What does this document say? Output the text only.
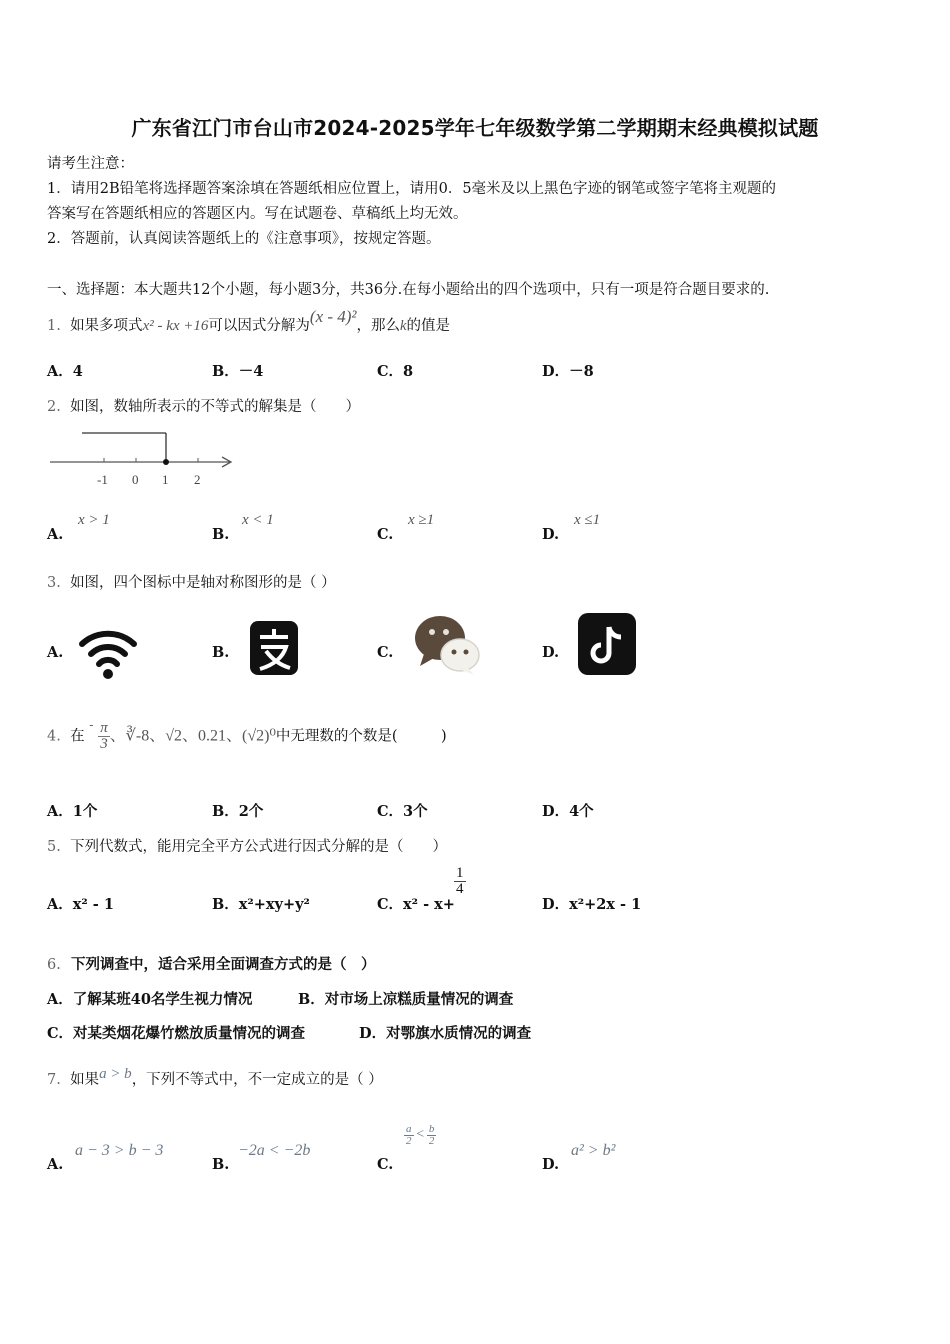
广东省江门市台山市2024-2025学年七年级数学第二学期期末经典模拟试题
请考生注意：
1．请用2B铅笔将选择题答案涂填在答题纸相应位置上，请用0．5毫米及以上黑色字迹的钢笔或签字笔将主观题的
答案写在答题纸相应的答题区内。写在试题卷、草稿纸上均无效。
2．答题前，认真阅读答题纸上的《注意事项》，按规定答题。
一、选择题：本大题共12个小题，每小题3分，共36分.在每小题给出的四个选项中，只有一项是符合题目要求的.
1. 如果多项式x² - kx +16可以因式分解为(x - 4)²，那么k的值是
A．4	B．－4	C．8	D．－8
2. 如图，数轴所表示的不等式的解集是（　　）
-1 0 1 2
A.
x > 1
B.
x < 1
C.
x ≥1
D.
x ≤1
3. 如图，四个图标中是轴对称图形的是（ ）
A.	B.	C.	D.
4. 在 - $\frac{\pi}{3}$ 、∛-8、√2、0.21、(√2)⁰中无理数的个数是(　　　)
A．1个	B．2个	C．3个	D．4个
5. 下列代数式，能用完全平方公式进行因式分解的是（　　）
A．x² - 1	B．x²+xy+y²	C．x² - x+
$\frac{1}{4}$
D．x²+2x - 1
6. 下列调查中，适合采用全面调查方式的是（　）
A．了解某班40名学生视力情况	B．对市场上凉糕质量情况的调查
C．对某类烟花爆竹燃放质量情况的调查	D．对鄂旗水质情况的调查
7. 如果a > b，下列不等式中，不一定成立的是（ ）
A.
a − 3 > b − 3
B.
−2a < −2b
C.
$\frac{a}{2} < \frac{b}{2}$
D.
a² > b²
